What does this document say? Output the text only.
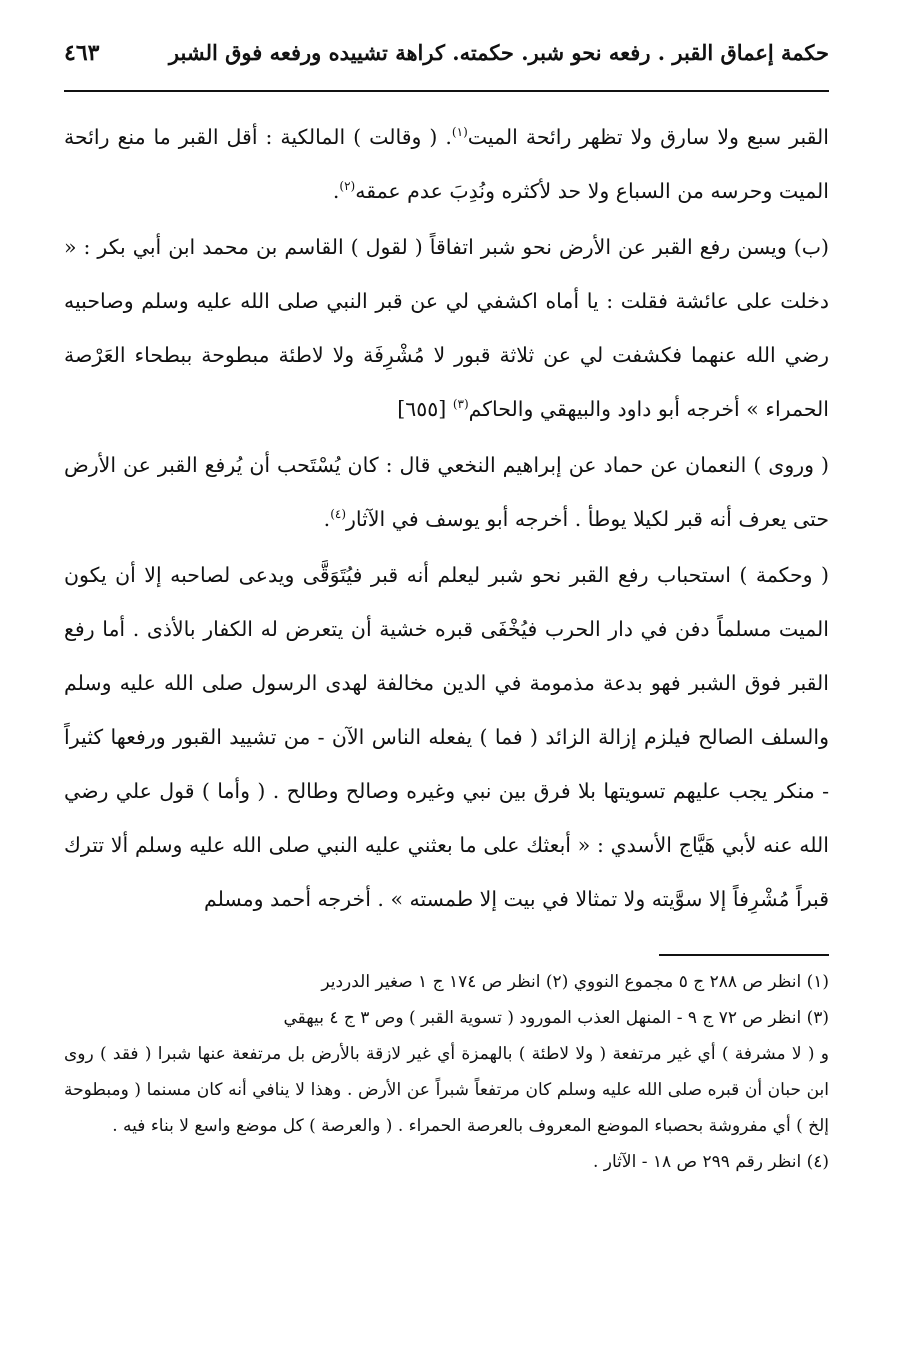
حكمة إعماق القبر . رفعه نحو شبر. حكمته. كراهة تشييده ورفعه فوق الشبر
٤٦٣

القبر سبع ولا سارق ولا تظهر رائحة الميت$^{(١)}$. ( وقالت ) المالكية : أقل القبر ما منع رائحة الميت وحرسه من السباع ولا حد لأكثره ونُدِبَ عدم عمقه$^{(٢)}$.

(ب) ويسن رفع القبر عن الأرض نحو شبر اتفاقاً ( لقول ) القاسم بن محمد ابن أبي بكر : « دخلت على عائشة فقلت : يا أماه اكشفي لي عن قبر النبي صلى الله عليه وسلم وصاحبيه رضي الله عنهما فكشفت لي عن ثلاثة قبور لا مُشْرِفَة ولا لاطئة مبطوحة ببطحاء العَرْصة الحمراء » أخرجه أبو داود والبيهقي والحاكم$^{(٣)}$ [٦٥٥]

( وروى ) النعمان عن حماد عن إبراهيم النخعي قال : كان يُسْتَحب أن يُرفع القبر عن الأرض حتى يعرف أنه قبر لكيلا يوطأ . أخرجه أبو يوسف في الآثار$^{(٤)}$.

( وحكمة ) استحباب رفع القبر نحو شبر ليعلم أنه قبر فيُتَوَقَّى ويدعى لصاحبه إلا أن يكون الميت مسلماً دفن في دار الحرب فيُخْفَى قبره خشية أن يتعرض له الكفار بالأذى . أما رفع القبر فوق الشبر فهو بدعة مذمومة في الدين مخالفة لهدى الرسول صلى الله عليه وسلم والسلف الصالح فيلزم إزالة الزائد ( فما ) يفعله الناس الآن - من تشييد القبور ورفعها كثيراً - منكر يجب عليهم تسويتها بلا فرق بين نبي وغيره وصالح وطالح . ( وأما ) قول علي رضي الله عنه لأبي هَيَّاج الأسدي : « أبعثك على ما بعثني عليه النبي صلى الله عليه وسلم ألا تترك قبراً مُشْرِفاً إلا سوَّيته ولا تمثالا في بيت إلا طمسته » . أخرجه أحمد ومسلم

(١) انظر ص ٢٨٨ ج ٥ مجموع النووي (٢) انظر ص ١٧٤ ج ١ صغير الدردير

(٣) انظر ص ٧٢ ج ٩ - المنهل العذب المورود ( تسوية القبر ) وص ٣ ج ٤ بيهقي

و ( لا مشرفة ) أي غير مرتفعة ( ولا لاطئة ) بالهمزة أي غير لازقة بالأرض بل مرتفعة عنها شبرا ( فقد ) روى ابن حبان أن قبره صلى الله عليه وسلم كان مرتفعاً شبراً عن الأرض . وهذا لا ينافي أنه كان مسنما ( ومبطوحة إلخ ) أي مفروشة بحصباء الموضع المعروف بالعرصة الحمراء . ( والعرصة ) كل موضع واسع لا بناء فيه .

(٤) انظر رقم ٢٩٩ ص ١٨ - الآثار .
